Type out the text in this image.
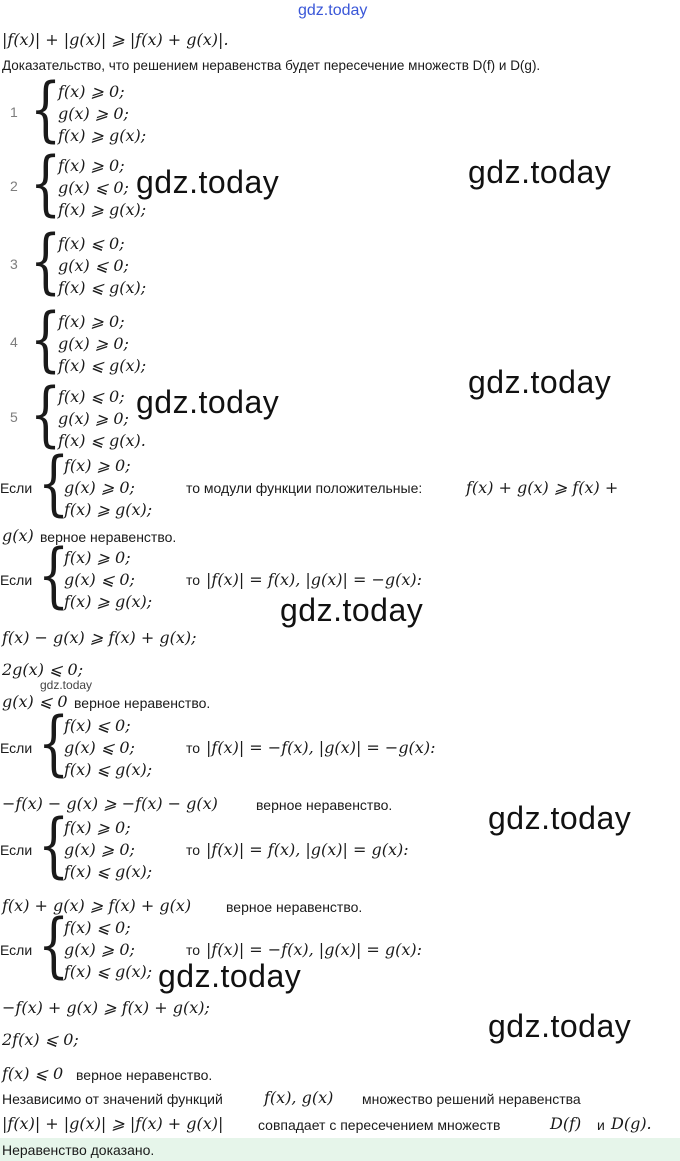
gdz.today
|f(x)| + |g(x)| ⩾ |f(x) + g(x)|.
Доказательство, что решением неравенства будет пересечение множеств D(f) и D(g).
1 {
f(x) ⩾ 0;
g(x) ⩾ 0;
f(x) ⩾ g(x);
2 {
f(x) ⩾ 0;
g(x) ⩽ 0;
f(x) ⩾ g(x);
3 {
f(x) ⩽ 0;
g(x) ⩽ 0;
f(x) ⩽ g(x);
4 {
f(x) ⩾ 0;
g(x) ⩾ 0;
f(x) ⩽ g(x);
5 {
f(x) ⩽ 0;
g(x) ⩾ 0;
f(x) ⩽ g(x).
Если {
f(x) ⩾ 0;
g(x) ⩾ 0;
f(x) ⩾ g(x);
то модули функции положительные:	f(x) + g(x) ⩾ f(x) +
g(x) верное неравенство.
Если {
f(x) ⩾ 0;
g(x) ⩽ 0;
f(x) ⩾ g(x);
то |f(x)| = f(x), |g(x)| = −g(x):
f(x) − g(x) ⩾ f(x) + g(x);
2g(x) ⩽ 0;
g(x) ⩽ 0 верное неравенство.
Если {
f(x) ⩽ 0;
g(x) ⩽ 0;
f(x) ⩽ g(x);
то |f(x)| = −f(x), |g(x)| = −g(x):
−f(x) − g(x) ⩾ −f(x) − g(x)	верное неравенство.
Если {
f(x) ⩾ 0;
g(x) ⩾ 0;
f(x) ⩽ g(x);
то |f(x)| = f(x), |g(x)| = g(x):
f(x) + g(x) ⩾ f(x) + g(x) верное неравенство.
Если {
f(x) ⩽ 0;
g(x) ⩾ 0;
f(x) ⩽ g(x);
то |f(x)| = −f(x), |g(x)| = g(x):
−f(x) + g(x) ⩾ f(x) + g(x);
2f(x) ⩽ 0;
f(x) ⩽ 0 верное неравенство.
Независимо от значений функций	f(x), g(x) множество решений неравенства
|f(x)| + |g(x)| ⩾ |f(x) + g(x)| совпадает с пересечением множеств	D(f) и D(g).
Неравенство доказано.
gdz.today	gdz.today
gdz.today
gdz.today
gdz.today
gdz.today
gdz.today
gdz.today
gdz.today
